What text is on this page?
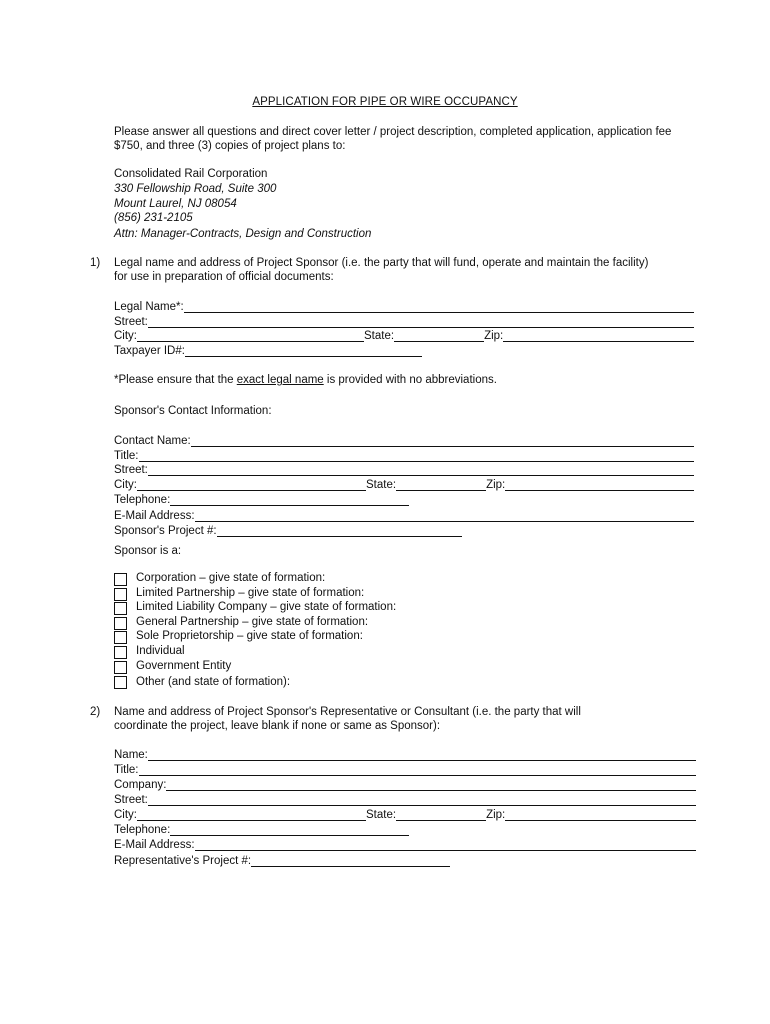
APPLICATION FOR PIPE OR WIRE OCCUPANCY
Please answer all questions and direct cover letter / project description, completed application, application fee $750, and three (3) copies of project plans to:
Consolidated Rail Corporation
330 Fellowship Road, Suite 300
Mount Laurel, NJ 08054
(856) 231-2105
Attn: Manager-Contracts, Design and Construction
1) Legal name and address of Project Sponsor (i.e. the party that will fund, operate and maintain the facility) for use in preparation of official documents:
Legal Name*:
Street:
City:	State:	Zip:
Taxpayer ID#:
*Please ensure that the exact legal name is provided with no abbreviations.
Sponsor's Contact Information:
Contact Name:
Title:
Street:
City:	State:	Zip:
Telephone:
E-Mail Address:
Sponsor's Project #:
Sponsor is a:
Corporation – give state of formation:
Limited Partnership – give state of formation:
Limited Liability Company – give state of formation:
General Partnership – give state of formation:
Sole Proprietorship – give state of formation:
Individual
Government Entity
Other (and state of formation):
2) Name and address of Project Sponsor's Representative or Consultant (i.e. the party that will coordinate the project, leave blank if none or same as Sponsor):
Name:
Title:
Company:
Street:
City:	State:	Zip:
Telephone:
E-Mail Address:
Representative's Project #:
